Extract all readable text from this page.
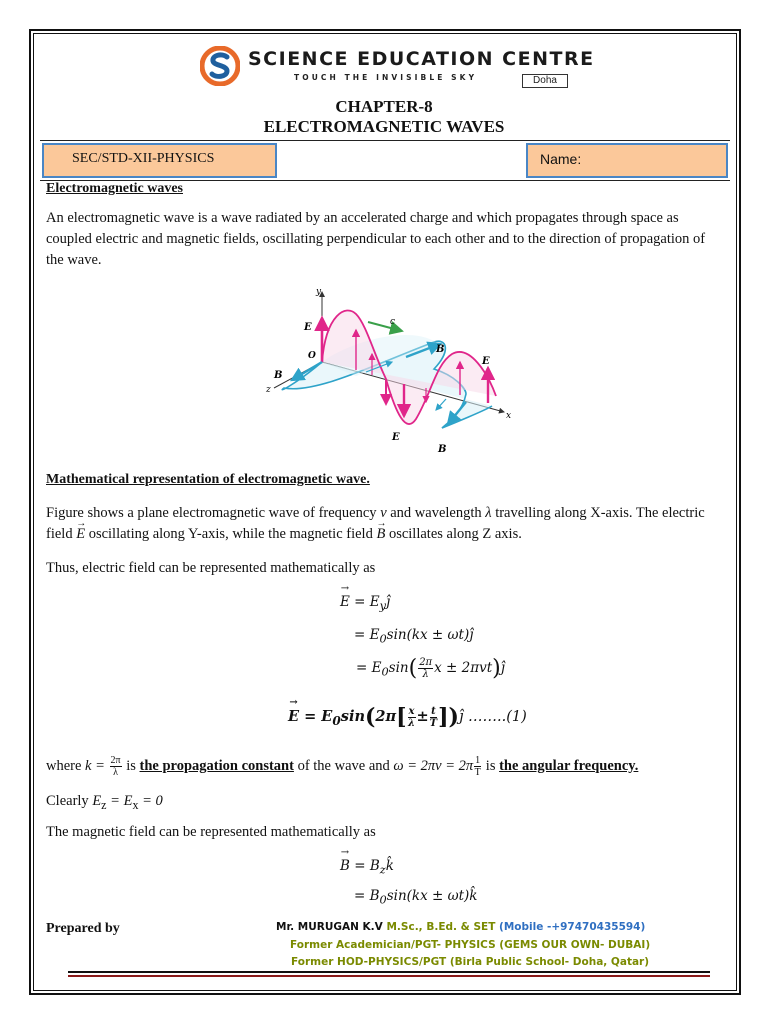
SCIENCE EDUCATION CENTRE
TOUCH THE INVISIBLE SKY	Doha
CHAPTER-8
ELECTROMAGNETIC WAVES
SEC/STD-XII-PHYSICS	Name:
Electromagnetic waves
An electromagnetic wave is a wave radiated by an accelerated charge and which propagates through space as coupled electric and magnetic fields, oscillating perpendicular to each other and to the direction of propagation of the wave.
y
x
z
c
O
E
E
E
B
B
B
Mathematical representation of electromagnetic wave.
Figure shows a plane electromagnetic wave of frequency ν and wavelength λ travelling along X-axis. The electric field → E oscillating along Y-axis, while the magnetic field → B oscillates along Z axis.
Thus, electric field can be represented mathematically as
→ $E = E_yĵ$
= $E_0\sin(kx$ ± ωt)ĵ
= $E_0\sin( \frac{2\pi}{\lambda}$ x ± 2πvt)ĵ
→ $E = E_0\sin(2\pi[ \frac{x}{\lambda} \pm \frac{t}{T}$ ])ĵ ……..(1)
where $k = \frac{2\pi}{\lambda}$ is the propagation constant of the wave and $\omega = 2\pi\nu = 2\pi \frac{1}{T}$ is the angular frequency.
Clearly $E_z = E_x = 0$
The magnetic field can be represented mathematically as
→ $B = B_zk̂$
= $B_0\sin(kx$ ± ωt)k̂
Prepared by	Mr. MURUGAN K.V M.Sc., B.Ed. & SET (Mobile -+97470435594)
Former Academician/PGT- PHYSICS (GEMS OUR OWN- DUBAI)
Former HOD-PHYSICS/PGT (Birla Public School- Doha, Qatar)
